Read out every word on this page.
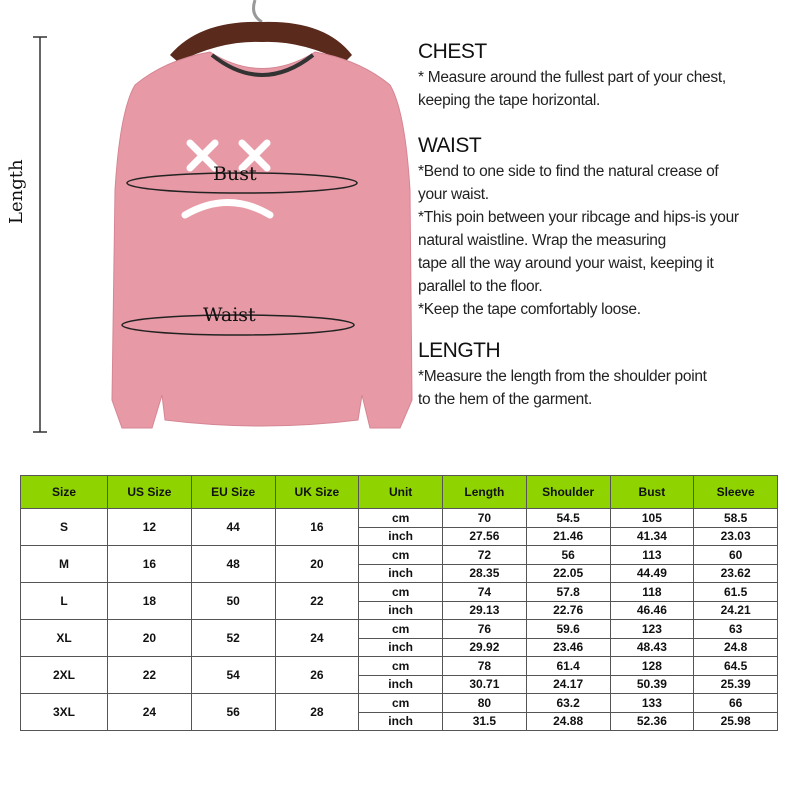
Length	Bust
Waist
CHEST
* Measure around the fullest part of your chest,
keeping the tape horizontal.
WAIST
*Bend to one side to find the natural crease of
your waist.
*This poin between your ribcage and hips-is your
natural waistline. Wrap the measuring
tape all the way around your waist, keeping it
parallel to the floor.
*Keep the tape comfortably loose.
LENGTH
*Measure the length from the shoulder point
to the hem of the garment.
Size	US Size	EU Size	UK Size	Unit	Length	Shoulder	Bust	Sleeve
S	12	44	16	cm	70	54.5	105	58.5
				inch	27.56	21.46	41.34	23.03
M	16	48	20	cm	72	56	113	60
				inch	28.35	22.05	44.49	23.62
L	18	50	22	cm	74	57.8	118	61.5
				inch	29.13	22.76	46.46	24.21
XL	20	52	24	cm	76	59.6	123	63
				inch	29.92	23.46	48.43	24.8
2XL	22	54	26	cm	78	61.4	128	64.5
				inch	30.71	24.17	50.39	25.39
3XL	24	56	28	cm	80	63.2	133	66
				inch	31.5	24.88	52.36	25.98
